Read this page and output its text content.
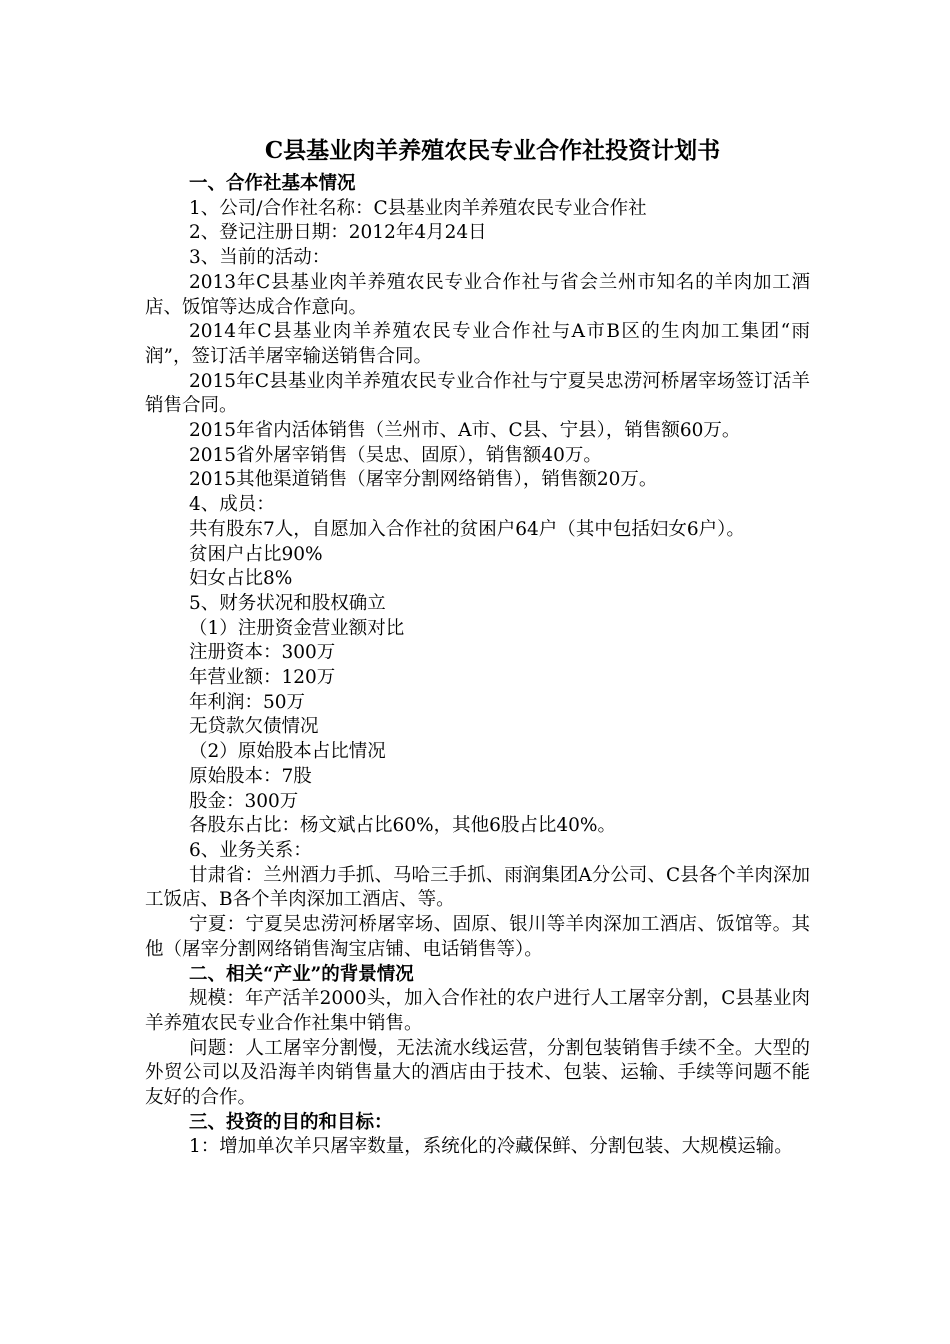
C县基业肉羊养殖农民专业合作社投资计划书

一、合作社基本情况

1、公司/合作社名称：C县基业肉羊养殖农民专业合作社

2、登记注册日期：2012年4月24日

3、当前的活动：

2013年C县基业肉羊养殖农民专业合作社与省会兰州市知名的羊肉加工酒店、饭馆等达成合作意向。

2014年C县基业肉羊养殖农民专业合作社与A市B区的生肉加工集团“雨润”，签订活羊屠宰输送销售合同。

2015年C县基业肉羊养殖农民专业合作社与宁夏吴忠涝河桥屠宰场签订活羊销售合同。

2015年省内活体销售（兰州市、A市、C县、宁县），销售额60万。

2015省外屠宰销售（吴忠、固原），销售额40万。

2015其他渠道销售（屠宰分割网络销售），销售额20万。

4、成员：

共有股东7人，自愿加入合作社的贫困户64户（其中包括妇女6户）。

贫困户占比90%

妇女占比8%

5、财务状况和股权确立

（1）注册资金营业额对比

注册资本：300万

年营业额：120万

年利润：50万

无贷款欠债情况

（2）原始股本占比情况

原始股本：7股

股金：300万

各股东占比：杨文斌占比60%，其他6股占比40%。

6、业务关系：

甘肃省：兰州酒力手抓、马哈三手抓、雨润集团A分公司、C县各个羊肉深加工饭店、B各个羊肉深加工酒店、等。

宁夏：宁夏吴忠涝河桥屠宰场、固原、银川等羊肉深加工酒店、饭馆等。其他（屠宰分割网络销售淘宝店铺、电话销售等）。

二、相关“产业”的背景情况

规模：年产活羊2000头，加入合作社的农户进行人工屠宰分割，C县基业肉羊养殖农民专业合作社集中销售。

问题：人工屠宰分割慢，无法流水线运营，分割包装销售手续不全。大型的外贸公司以及沿海羊肉销售量大的酒店由于技术、包装、运输、手续等问题不能友好的合作。

三、投资的目的和目标：

1：增加单次羊只屠宰数量，系统化的冷藏保鲜、分割包装、大规模运输。
